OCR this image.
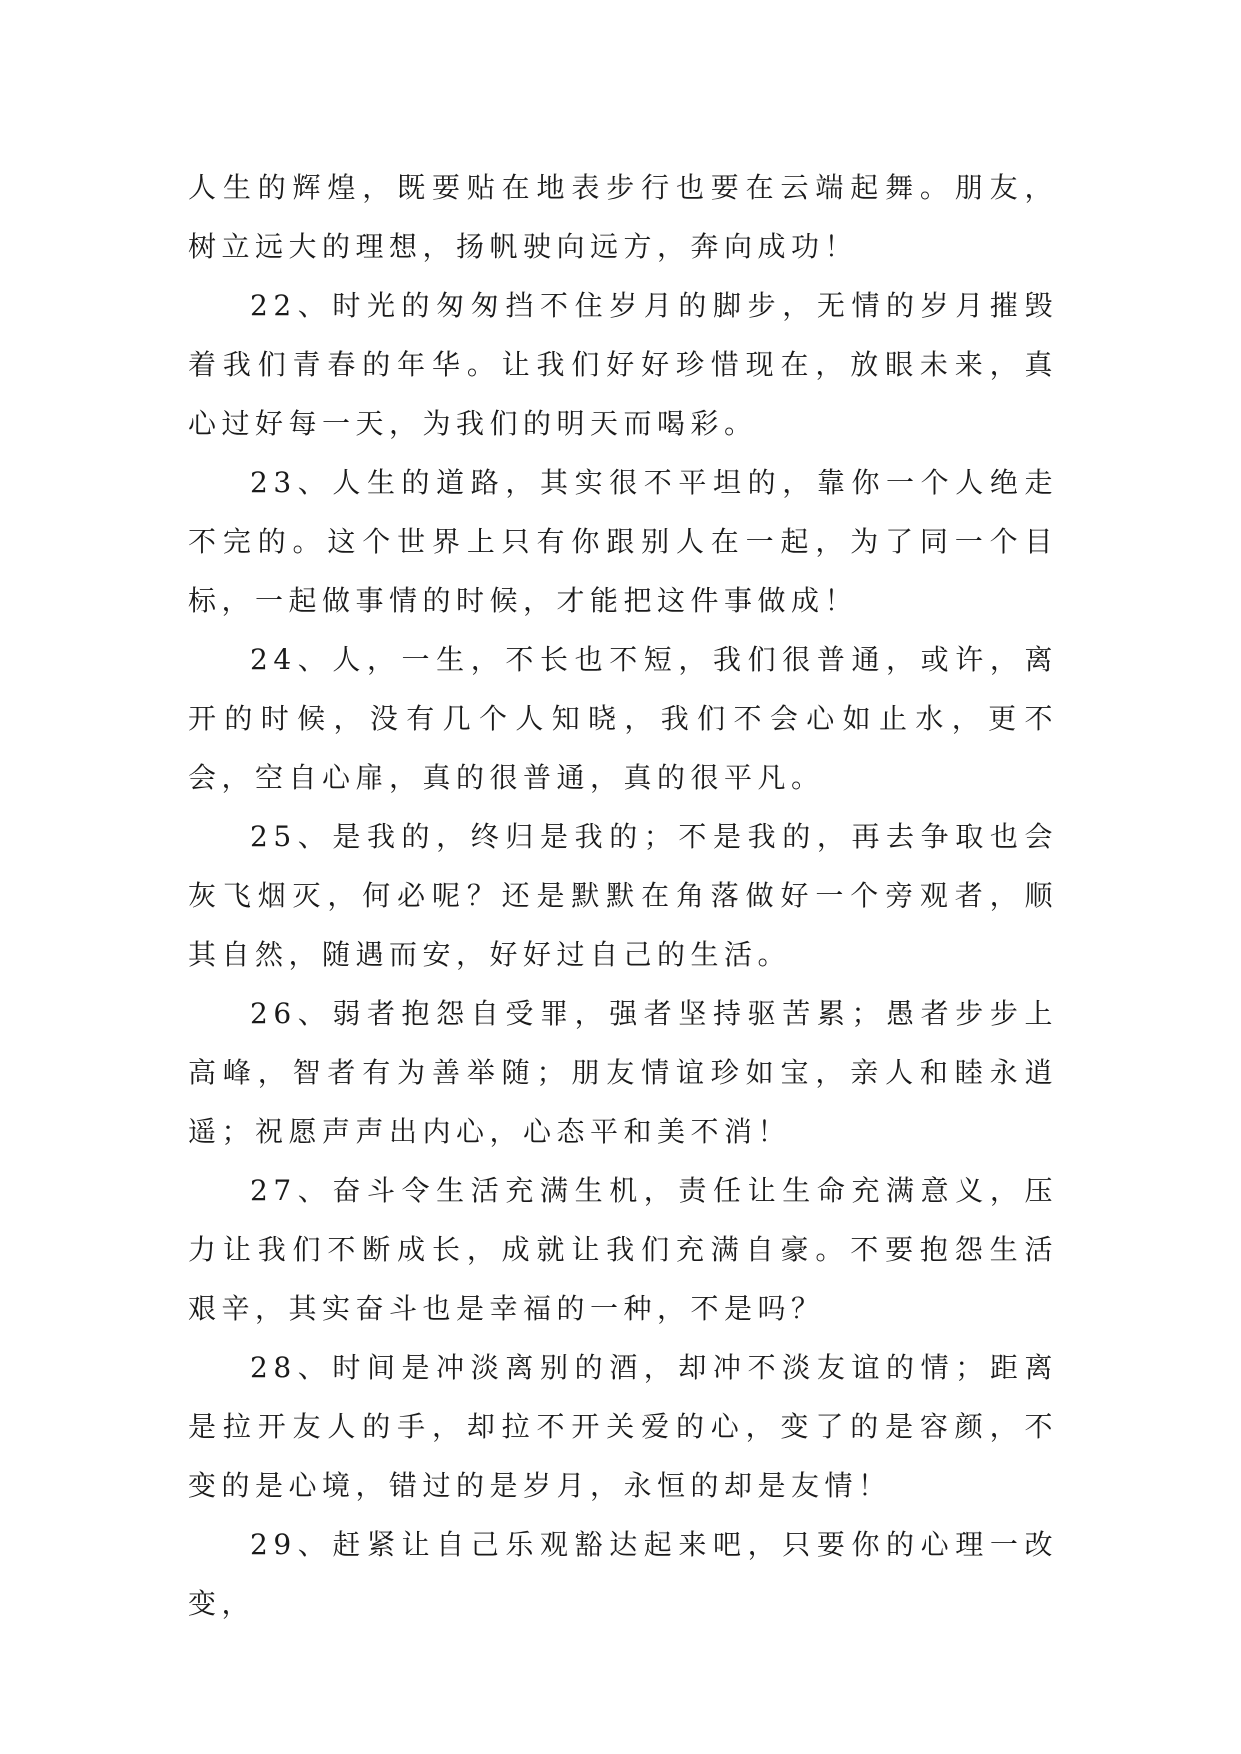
人生的辉煌，既要贴在地表步行也要在云端起舞。朋友，树立远大的理想，扬帆驶向远方，奔向成功！

22、时光的匆匆挡不住岁月的脚步，无情的岁月摧毁着我们青春的年华。让我们好好珍惜现在，放眼未来，真心过好每一天，为我们的明天而喝彩。

23、人生的道路，其实很不平坦的，靠你一个人绝走不完的。这个世界上只有你跟别人在一起，为了同一个目标，一起做事情的时候，才能把这件事做成！

24、人，一生，不长也不短，我们很普通，或许，离开的时候，没有几个人知晓，我们不会心如止水，更不会，空自心扉，真的很普通，真的很平凡。

25、是我的，终归是我的；不是我的，再去争取也会灰飞烟灭，何必呢？还是默默在角落做好一个旁观者，顺其自然，随遇而安，好好过自己的生活。

26、弱者抱怨自受罪，强者坚持驱苦累；愚者步步上高峰，智者有为善举随；朋友情谊珍如宝，亲人和睦永逍遥；祝愿声声出内心，心态平和美不消！

27、奋斗令生活充满生机，责任让生命充满意义，压力让我们不断成长，成就让我们充满自豪。不要抱怨生活艰辛，其实奋斗也是幸福的一种，不是吗？

28、时间是冲淡离别的酒，却冲不淡友谊的情；距离是拉开友人的手，却拉不开关爱的心，变了的是容颜，不变的是心境，错过的是岁月，永恒的却是友情！

29、赶紧让自己乐观豁达起来吧，只要你的心理一改变，
